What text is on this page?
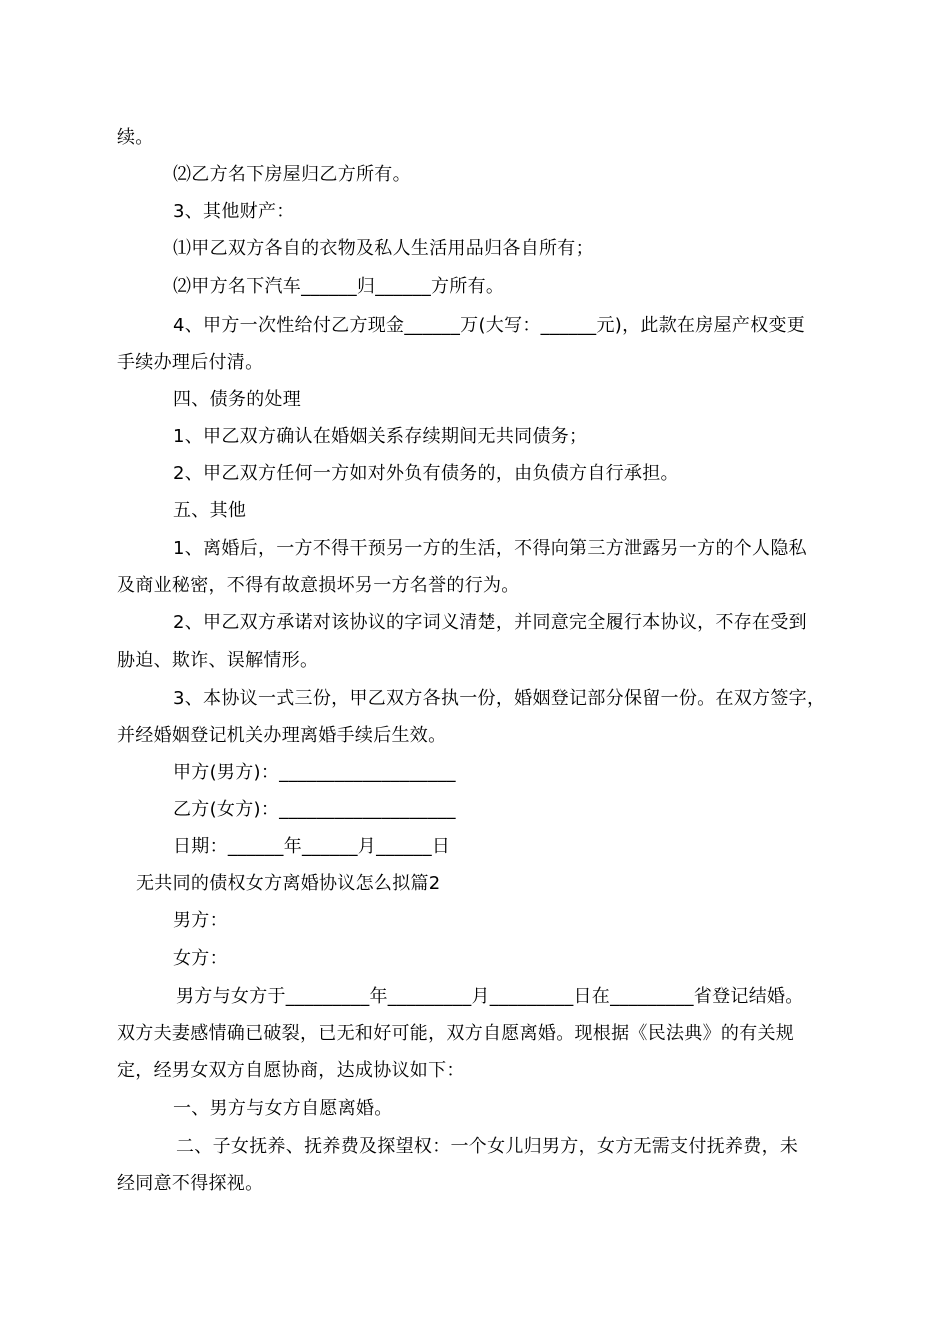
续。
⑵乙方名下房屋归乙方所有。
3、其他财产：
⑴甲乙双方各自的衣物及私人生活用品归各自所有；
⑵甲方名下汽车______归______方所有。
4、甲方一次性给付乙方现金______万(大写：______元)，此款在房屋产权变更
手续办理后付清。
四、债务的处理
1、甲乙双方确认在婚姻关系存续期间无共同债务；
2、甲乙双方任何一方如对外负有债务的，由负债方自行承担。
五、其他
1、离婚后，一方不得干预另一方的生活，不得向第三方泄露另一方的个人隐私
及商业秘密，不得有故意损坏另一方名誉的行为。
2、甲乙双方承诺对该协议的字词义清楚，并同意完全履行本协议，不存在受到
胁迫、欺诈、误解情形。
3、本协议一式三份，甲乙双方各执一份，婚姻登记部分保留一份。在双方签字，
并经婚姻登记机关办理离婚手续后生效。
甲方(男方)：___________________
乙方(女方)：___________________
日期：______年______月______日
无共同的债权女方离婚协议怎么拟篇2
男方：
女方：
男方与女方于_________年_________月_________日在_________省登记结婚。
双方夫妻感情确已破裂，已无和好可能，双方自愿离婚。现根据《民法典》的有关规
定，经男女双方自愿协商，达成协议如下：
一、男方与女方自愿离婚。
二、子女抚养、抚养费及探望权：一个女儿归男方，女方无需支付抚养费，未
经同意不得探视。
